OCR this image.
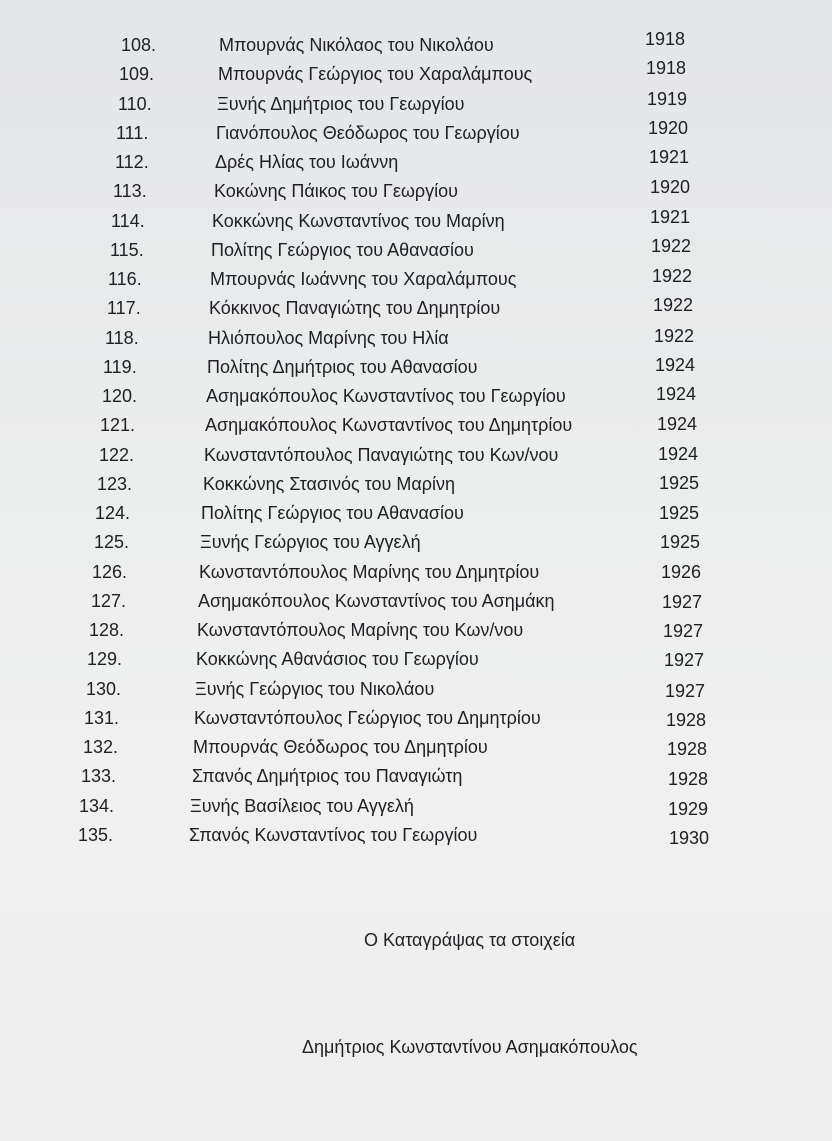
108.	Μπουρνάς Νικόλαος του Νικολάου	1918
109.	Μπουρνάς Γεώργιος του Χαραλάμπους	1918
110.	Ξυνής Δημήτριος του Γεωργίου	1919
111.	Γιανόπουλος Θεόδωρος του Γεωργίου	1920
112.	Δρές Ηλίας του Ιωάννη	1921
113.	Κοκώνης Πάικος του Γεωργίου	1920
114.	Κοκκώνης Κωνσταντίνος του Μαρίνη	1921
115.	Πολίτης Γεώργιος του Αθανασίου	1922
116.	Μπουρνάς Ιωάννης του Χαραλάμπους	1922
117.	Κόκκινος Παναγιώτης του Δημητρίου	1922
118.	Ηλιόπουλος Μαρίνης του Ηλία	1922
119.	Πολίτης Δημήτριος του Αθανασίου	1924
120.	Ασημακόπουλος Κωνσταντίνος του Γεωργίου	1924
121.	Ασημακόπουλος Κωνσταντίνος του Δημητρίου	1924
122.	Κωνσταντόπουλος Παναγιώτης του Κων/νου	1924
123.	Κοκκώνης Στασινός του Μαρίνη	1925
124.	Πολίτης Γεώργιος του Αθανασίου	1925
125.	Ξυνής Γεώργιος του Αγγελή	1925
126.	Κωνσταντόπουλος Μαρίνης του Δημητρίου	1926
127.	Ασημακόπουλος Κωνσταντίνος του Ασημάκη	1927
128.	Κωνσταντόπουλος Μαρίνης του Κων/νου	1927
129.	Κοκκώνης Αθανάσιος του Γεωργίου	1927
130.	Ξυνής Γεώργιος του Νικολάου	1927
131.	Κωνσταντόπουλος Γεώργιος του Δημητρίου	1928
132.	Μπουρνάς Θεόδωρος του Δημητρίου	1928
133.	Σπανός Δημήτριος του Παναγιώτη	1928
134.	Ξυνής Βασίλειος του Αγγελή	1929
135.	Σπανός Κωνσταντίνος του Γεωργίου	1930
Ο Καταγράψας τα στοιχεία
Δημήτριος Κωνσταντίνου Ασημακόπουλος
